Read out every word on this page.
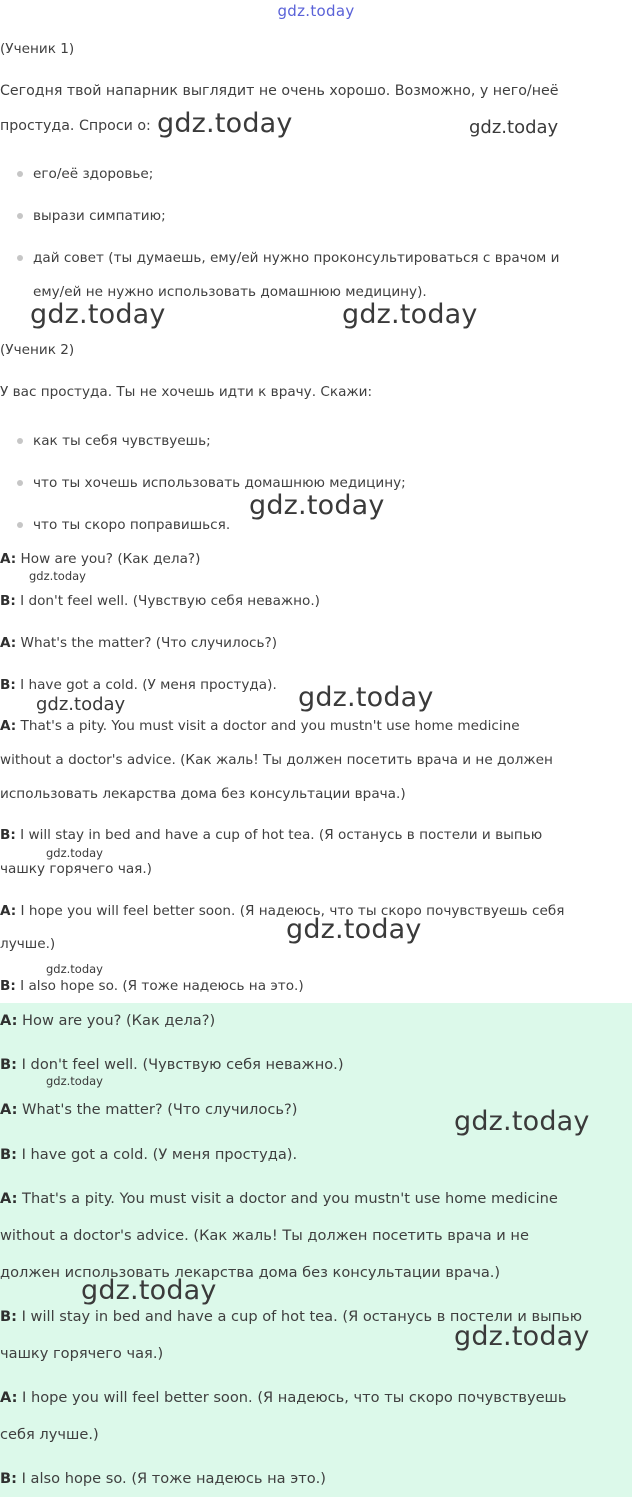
gdz.today
(Ученик 1)
Сегодня твой напарник выглядит не очень хорошо. Возможно, у него/неё
простуда. Спроси о:
его/её здоровье;
вырази симпатию;
дай совет (ты думаешь, ему/ей нужно проконсультироваться с врачом и
ему/ей не нужно использовать домашнюю медицину).
(Ученик 2)
У вас простуда. Ты не хочешь идти к врачу. Скажи:
как ты себя чувствуешь;
что ты хочешь использовать домашнюю медицину;
что ты скоро поправишься.
A: How are you? (Как дела?)
B: I don't feel well. (Чувствую себя неважно.)
A: What's the matter? (Что случилось?)
B: I have got a cold. (У меня простуда).
A: That's a pity. You must visit a doctor and you mustn't use home medicine
without a doctor's advice. (Как жаль! Ты должен посетить врача и не должен
использовать лекарства дома без консультации врача.)
B: I will stay in bed and have a cup of hot tea. (Я останусь в постели и выпью
чашку горячего чая.)
A: I hope you will feel better soon. (Я надеюсь, что ты скоро почувствуешь себя
лучше.)
B: I also hope so. (Я тоже надеюсь на это.)
A: How are you? (Как дела?)
B: I don't feel well. (Чувствую себя неважно.)
A: What's the matter? (Что случилось?)
B: I have got a cold. (У меня простуда).
A: That's a pity. You must visit a doctor and you mustn't use home medicine
without a doctor's advice. (Как жаль! Ты должен посетить врача и не
должен использовать лекарства дома без консультации врача.)
B: I will stay in bed and have a cup of hot tea. (Я останусь в постели и выпью
чашку горячего чая.)
A: I hope you will feel better soon. (Я надеюсь, что ты скоро почувствуешь
себя лучше.)
B: I also hope so. (Я тоже надеюсь на это.)
gdz.today	gdz.today
gdz.today	gdz.today
gdz.today
gdz.today
gdz.today
gdz.today
gdz.today
gdz.today
gdz.today
gdz.today
gdz.today
gdz.today
gdz.today
